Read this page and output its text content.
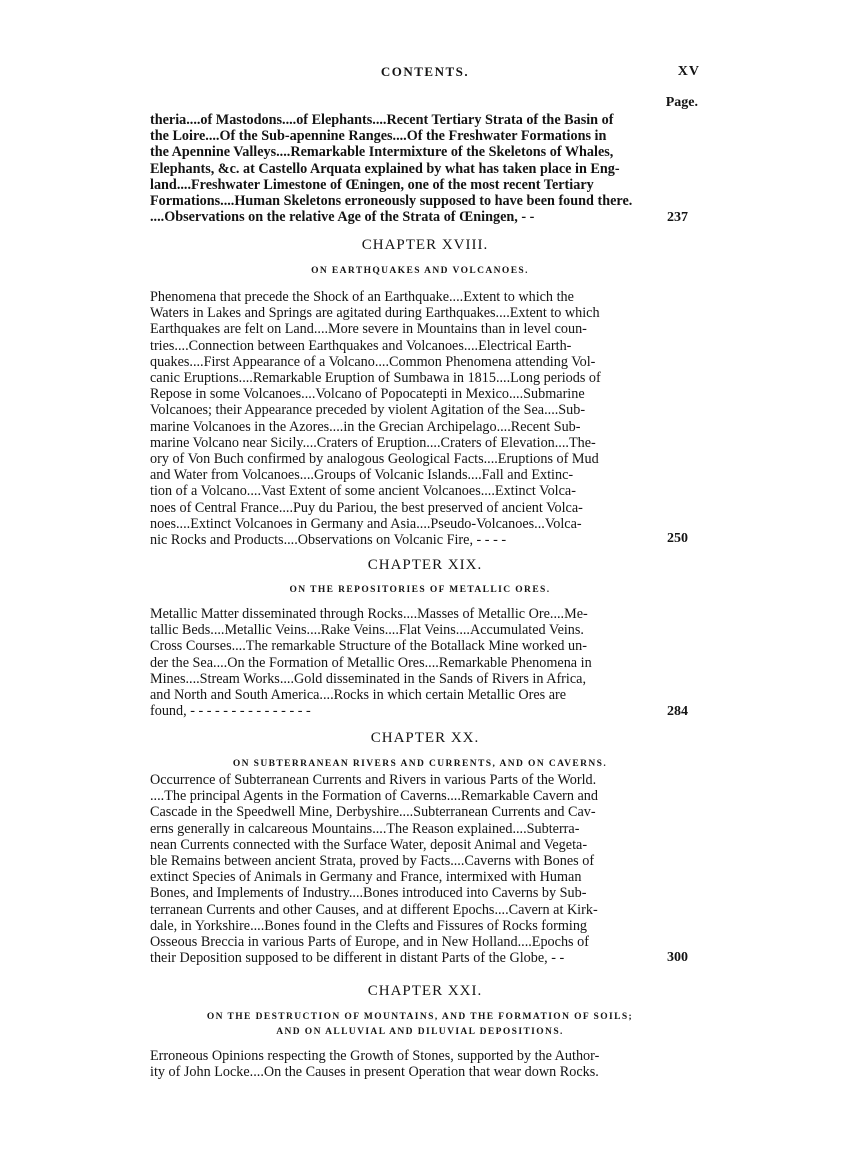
CONTENTS.	XV
Page.
theria....of Mastodons....of Elephants....Recent Tertiary Strata of the Basin of
the Loire....Of the Sub-apennine Ranges....Of the Freshwater Formations in
the Apennine Valleys....Remarkable Intermixture of the Skeletons of Whales,
Elephants, &c. at Castello Arquata explained by what has taken place in Eng-
land....Freshwater Limestone of Œningen, one of the most recent Tertiary
Formations....Human Skeletons erroneously supposed to have been found there.
....Observations on the relative Age of the Strata of Œningen, - -	237
CHAPTER XVIII.
ON EARTHQUAKES AND VOLCANOES.
Phenomena that precede the Shock of an Earthquake....Extent to which the
Waters in Lakes and Springs are agitated during Earthquakes....Extent to which
Earthquakes are felt on Land....More severe in Mountains than in level coun-
tries....Connection between Earthquakes and Volcanoes....Electrical Earth-
quakes....First Appearance of a Volcano....Common Phenomena attending Vol-
canic Eruptions....Remarkable Eruption of Sumbawa in 1815....Long periods of
Repose in some Volcanoes....Volcano of Popocatepti in Mexico....Submarine
Volcanoes; their Appearance preceded by violent Agitation of the Sea....Sub-
marine Volcanoes in the Azores....in the Grecian Archipelago....Recent Sub-
marine Volcano near Sicily....Craters of Eruption....Craters of Elevation....The-
ory of Von Buch confirmed by analogous Geological Facts....Eruptions of Mud
and Water from Volcanoes....Groups of Volcanic Islands....Fall and Extinc-
tion of a Volcano....Vast Extent of some ancient Volcanoes....Extinct Volca-
noes of Central France....Puy du Pariou, the best preserved of ancient Volca-
noes....Extinct Volcanoes in Germany and Asia....Pseudo-Volcanoes...Volca-
nic Rocks and Products....Observations on Volcanic Fire, - - - -	250
CHAPTER XIX.
ON THE REPOSITORIES OF METALLIC ORES.
Metallic Matter disseminated through Rocks....Masses of Metallic Ore....Me-
tallic Beds....Metallic Veins....Rake Veins....Flat Veins....Accumulated Veins.
Cross Courses....The remarkable Structure of the Botallack Mine worked un-
der the Sea....On the Formation of Metallic Ores....Remarkable Phenomena in
Mines....Stream Works....Gold disseminated in the Sands of Rivers in Africa,
and North and South America....Rocks in which certain Metallic Ores are
found, - - - - - - - - - - - - - - -	284
CHAPTER XX.
ON SUBTERRANEAN RIVERS AND CURRENTS, AND ON CAVERNS.
Occurrence of Subterranean Currents and Rivers in various Parts of the World.
....The principal Agents in the Formation of Caverns....Remarkable Cavern and
Cascade in the Speedwell Mine, Derbyshire....Subterranean Currents and Cav-
erns generally in calcareous Mountains....The Reason explained....Subterra-
nean Currents connected with the Surface Water, deposit Animal and Vegeta-
ble Remains between ancient Strata, proved by Facts....Caverns with Bones of
extinct Species of Animals in Germany and France, intermixed with Human
Bones, and Implements of Industry....Bones introduced into Caverns by Sub-
terranean Currents and other Causes, and at different Epochs....Cavern at Kirk-
dale, in Yorkshire....Bones found in the Clefts and Fissures of Rocks forming
Osseous Breccia in various Parts of Europe, and in New Holland....Epochs of
their Deposition supposed to be different in distant Parts of the Globe, - -	300
CHAPTER XXI.
ON THE DESTRUCTION OF MOUNTAINS, AND THE FORMATION OF SOILS;
AND ON ALLUVIAL AND DILUVIAL DEPOSITIONS.
Erroneous Opinions respecting the Growth of Stones, supported by the Author-
ity of John Locke....On the Causes in present Operation that wear down Rocks.
